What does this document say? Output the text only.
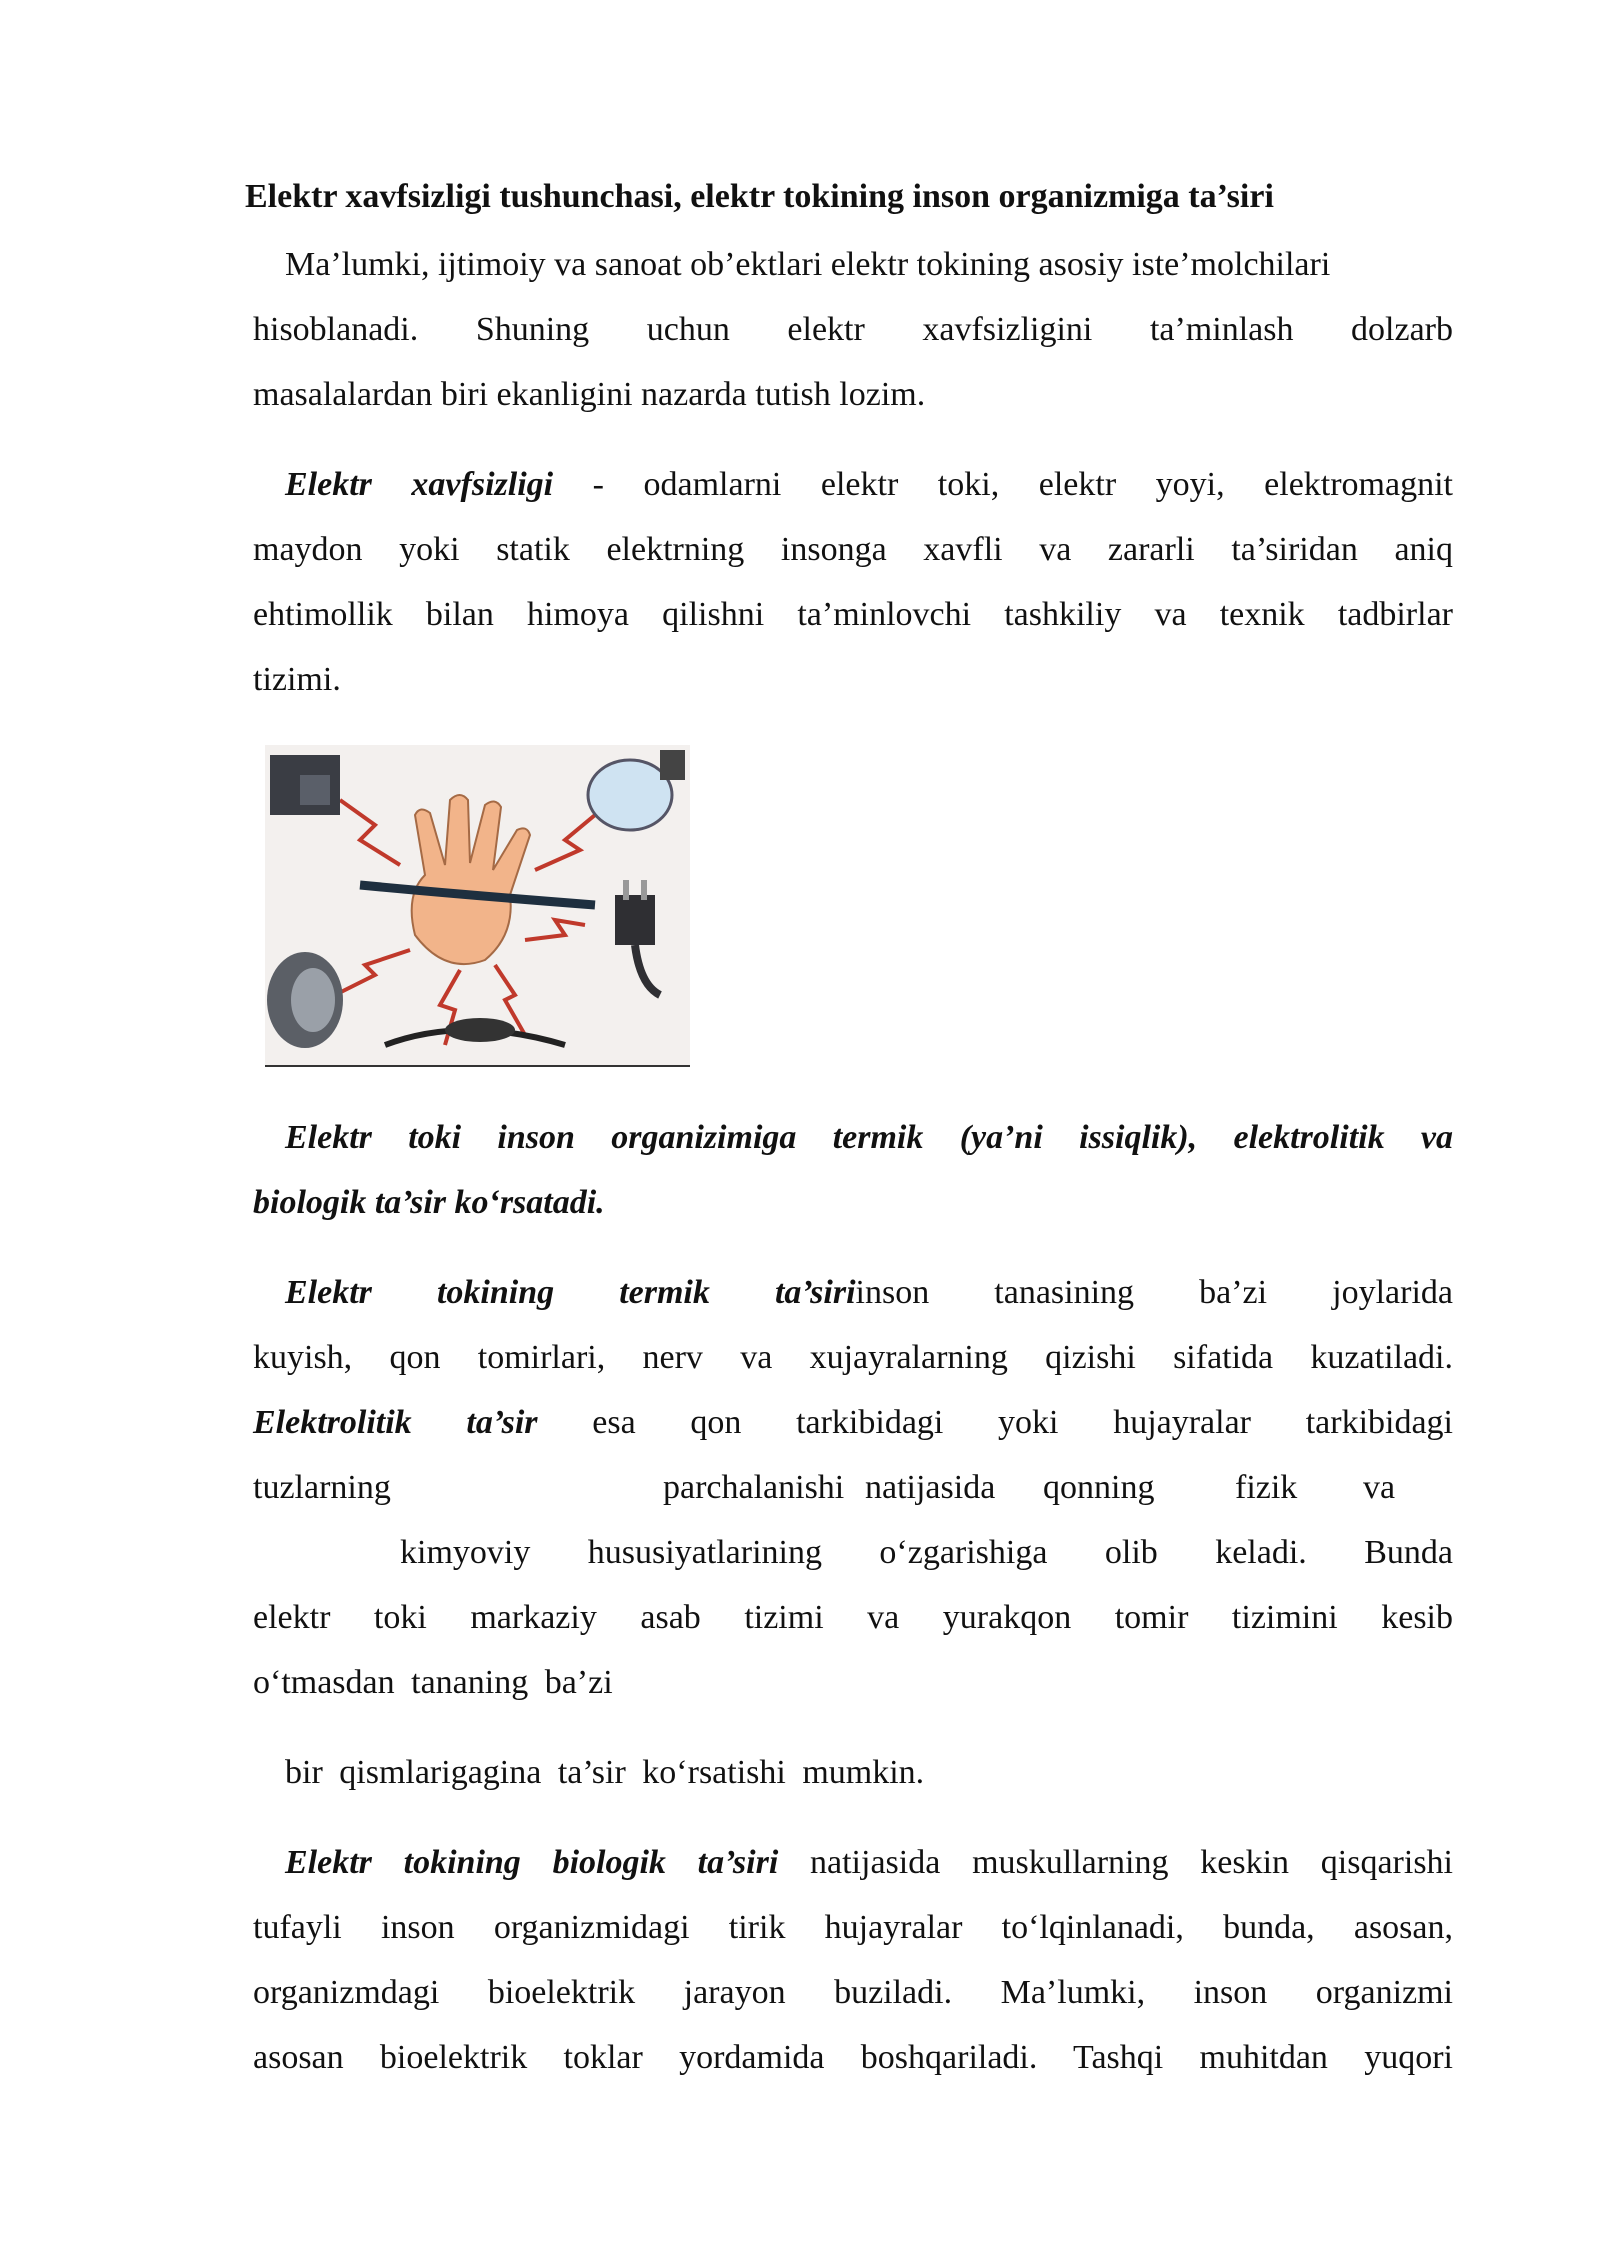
Elektr xavfsizligi tushunchasi, elektr tokining inson organizmiga ta’siri
Ma’lumki, ijtimoiy va sanoat ob’ektlari elektr tokining asosiy iste’molchilari
hisoblanadi. Shuning uchun elektr xavfsizligini ta’minlash dolzarb
masalalardan biri ekanligini nazarda tutish lozim.
Elektr xavfsizligi - odamlarni elektr toki, elektr yoyi, elektromagnit
maydon yoki statik elektrning insonga xavfli va zararli ta’siridan aniq
ehtimollik bilan himoya qilishni ta’minlovchi tashkiliy va texnik tadbirlar
tizimi.
Elektr toki inson organizimiga termik (ya’ni issiqlik), elektrolitik va
biologik ta’sir ko‘rsatadi.
Elektr tokining termik ta’siriinson tanasining ba’zi joylarida
kuyish, qon tomirlari, nerv va xujayralarning qizishi sifatida kuzatiladi.
Elektrolitik ta’sir esa qon tarkibidagi yoki hujayralar tarkibidagi
tuzlarning	parchalanishi natijasida qonning fizik va
kimyoviy hususiyatlarining o‘zgarishiga olib keladi. Bunda
elektr toki markaziy asab tizimi va yurakqon tomir tizimini kesib
o‘tmasdan tananing ba’zi
bir qismlarigagina ta’sir ko‘rsatishi mumkin.
Elektr tokining biologik ta’siri natijasida muskullarning keskin qisqarishi
tufayli inson organizmidagi tirik hujayralar to‘lqinlanadi, bunda, asosan,
organizmdagi bioelektrik jarayon buziladi. Ma’lumki, inson organizmi
asosan bioelektrik toklar yordamida boshqariladi. Tashqi muhitdan yuqori
